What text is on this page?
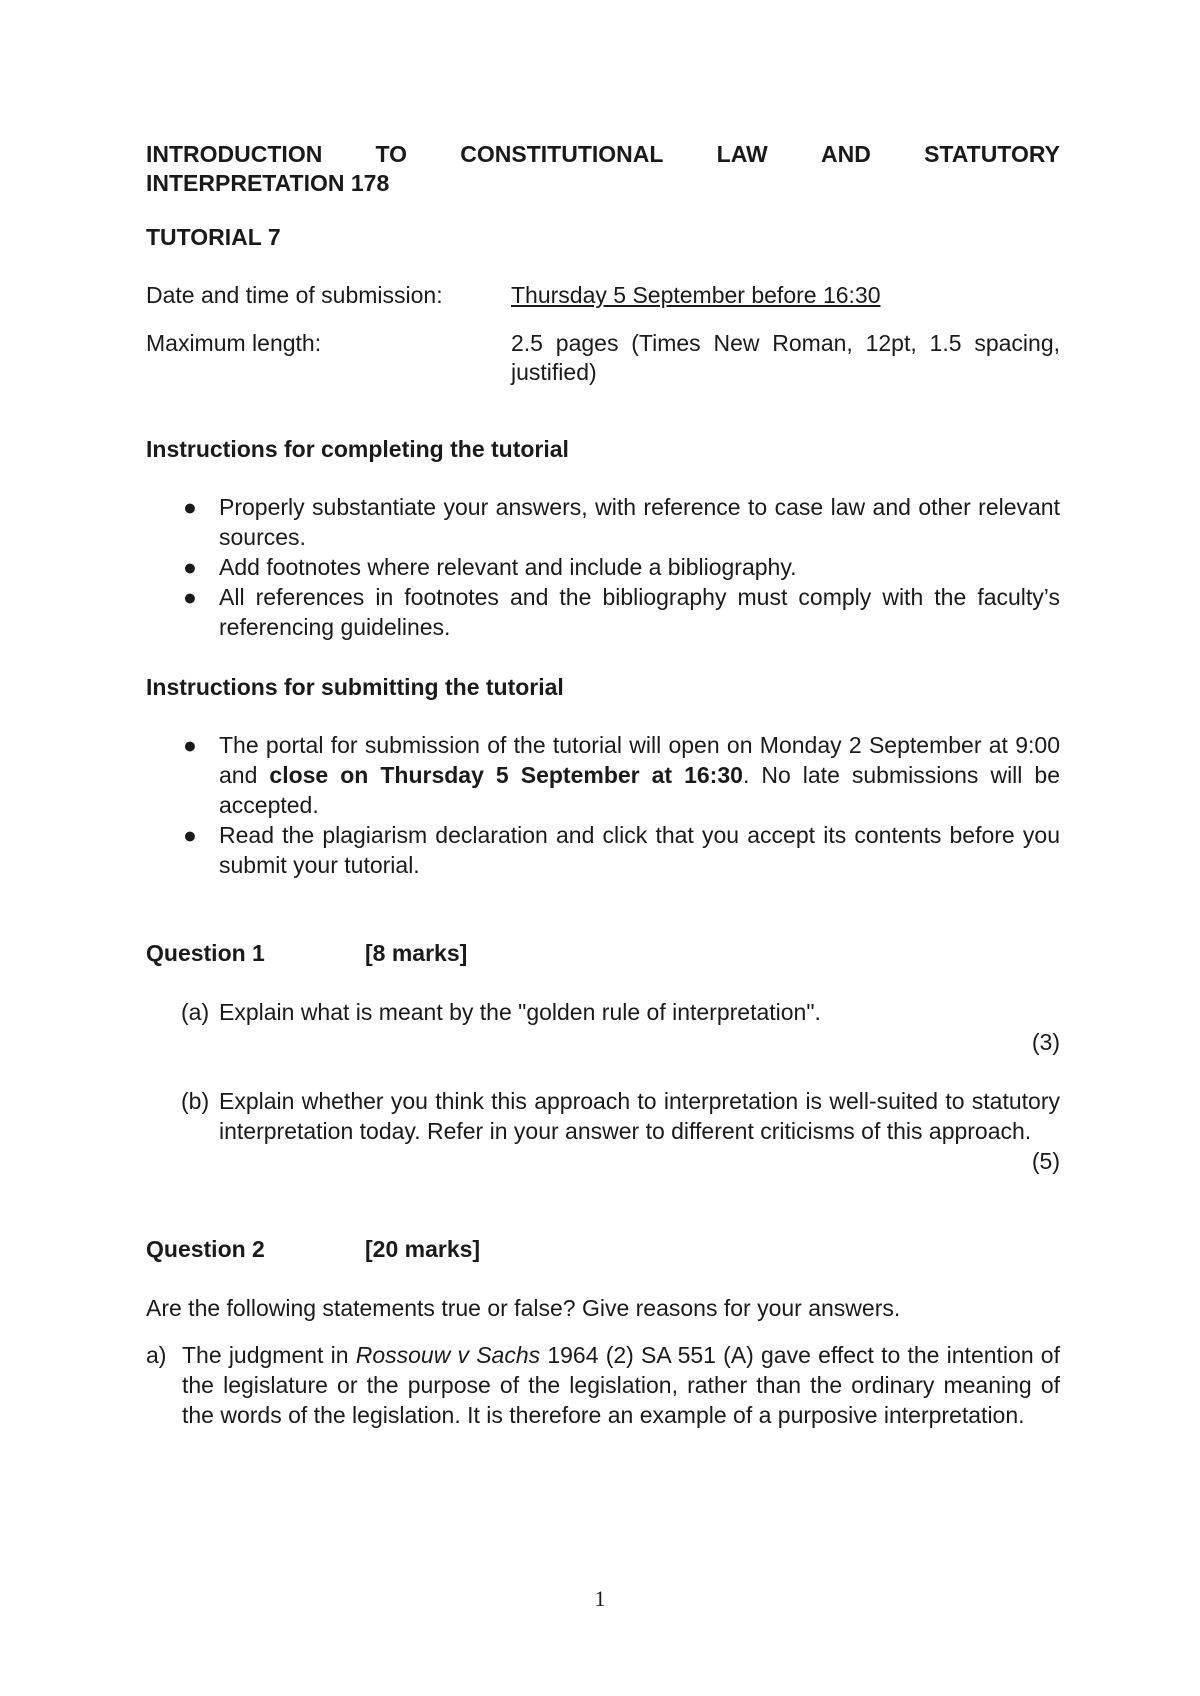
INTRODUCTION TO CONSTITUTIONAL LAW AND STATUTORY
INTERPRETATION 178
TUTORIAL 7
Date and time of submission:	Thursday 5 September before 16:30
Maximum length:	2.5 pages (Times New Roman, 12pt, 1.5 spacing, justified)
Instructions for completing the tutorial
● Properly substantiate your answers, with reference to case law and other relevant sources.
● Add footnotes where relevant and include a bibliography.
● All references in footnotes and the bibliography must comply with the faculty’s referencing guidelines.
Instructions for submitting the tutorial
● The portal for submission of the tutorial will open on Monday 2 September at 9:00 and close on Thursday 5 September at 16:30. No late submissions will be accepted.
● Read the plagiarism declaration and click that you accept its contents before you submit your tutorial.
Question 1	[8 marks]
(a) Explain what is meant by the "golden rule of interpretation".
(3)
(b) Explain whether you think this approach to interpretation is well-suited to statutory interpretation today. Refer in your answer to different criticisms of this approach.
(5)
Question 2	[20 marks]
Are the following statements true or false? Give reasons for your answers.
a) The judgment in Rossouw v Sachs 1964 (2) SA 551 (A) gave effect to the intention of the legislature or the purpose of the legislation, rather than the ordinary meaning of the words of the legislation. It is therefore an example of a purposive interpretation.
1
